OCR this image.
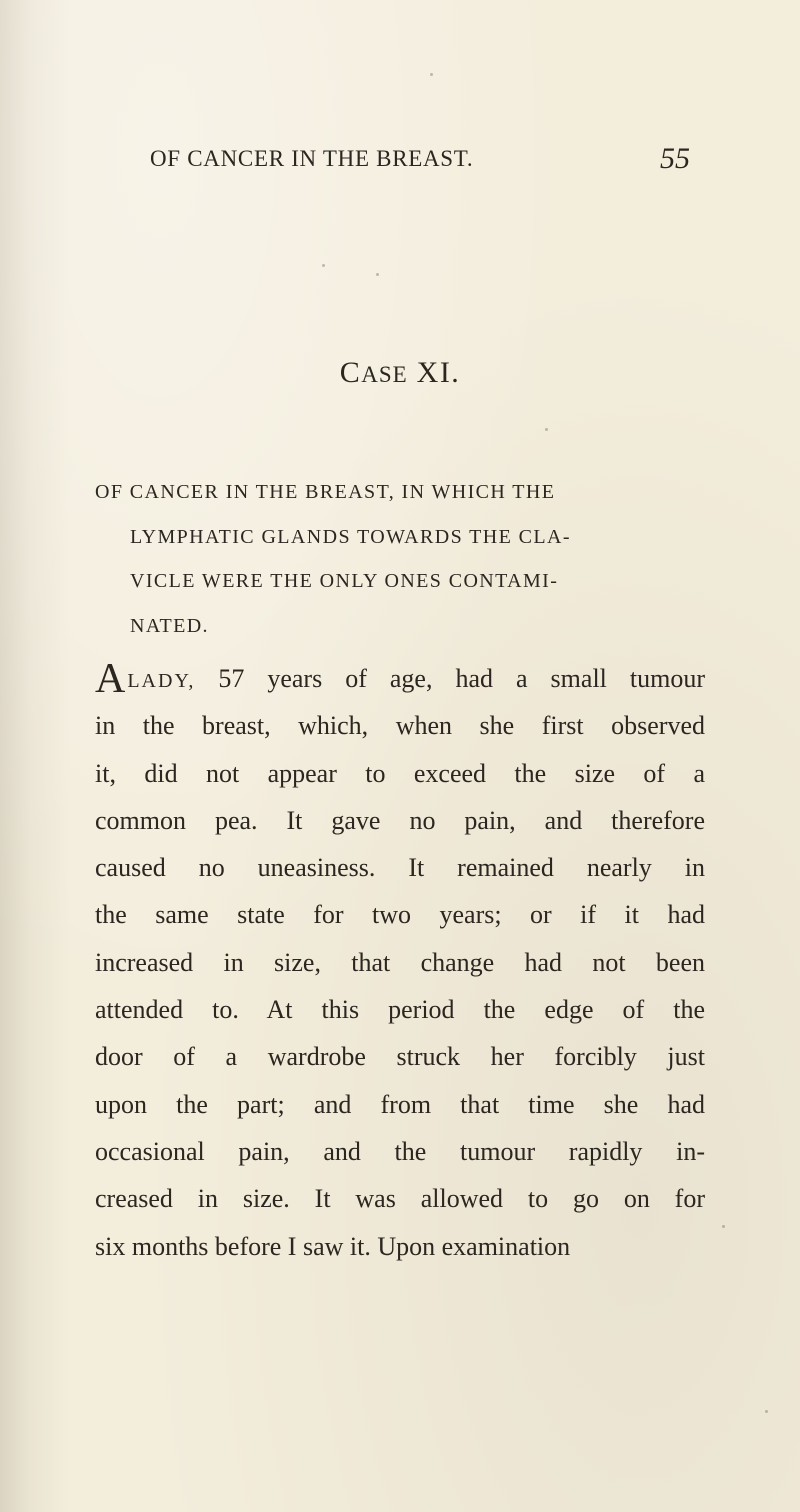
OF CANCER IN THE BREAST.	55
CASE XI.
OF CANCER IN THE BREAST, IN WHICH THE
LYMPHATIC GLANDS TOWARDS THE CLA-
VICLE WERE THE ONLY ONES CONTAMI-
NATED.
ALADY, 57 years of age, had a small tumour
in the breast, which, when she first observed
it, did not appear to exceed the size of a
common pea. It gave no pain, and therefore
caused no uneasiness. It remained nearly in
the same state for two years; or if it had
increased in size, that change had not been
attended to. At this period the edge of the
door of a wardrobe struck her forcibly just
upon the part; and from that time she had
occasional pain, and the tumour rapidly in-
creased in size. It was allowed to go on for
six months before I saw it. Upon examination
